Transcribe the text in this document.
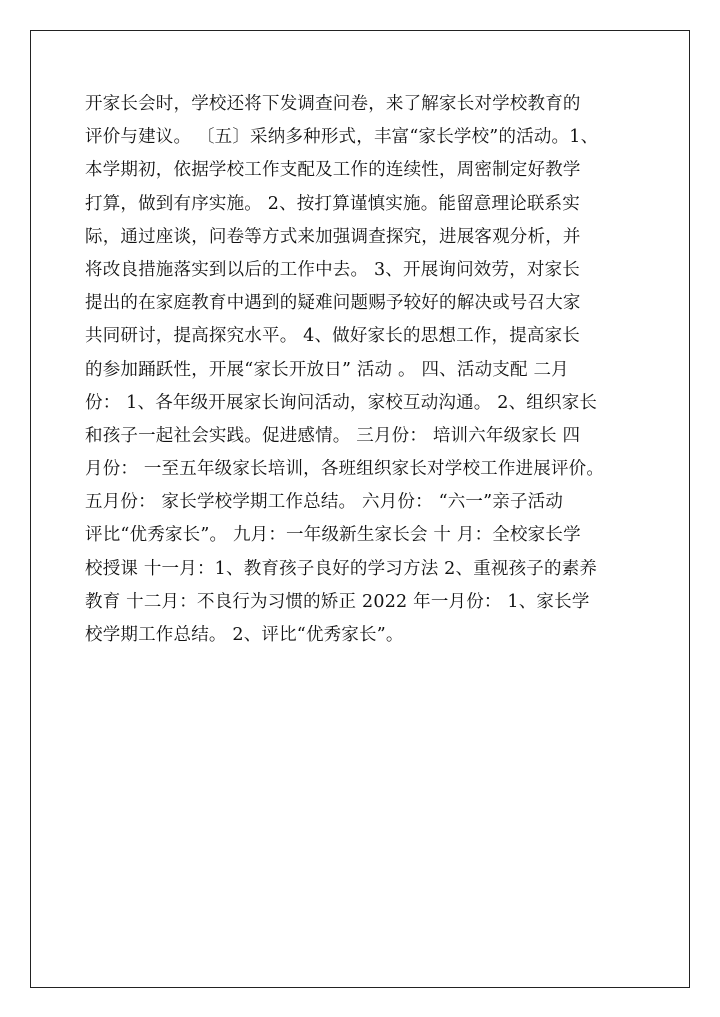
开家长会时，学校还将下发调查问卷，来了解家长对学校教育的
评价与建议。 〔五〕采纳多种形式，丰富“家长学校”的活动。1、
本学期初，依据学校工作支配及工作的连续性，周密制定好教学
打算，做到有序实施。 2、按打算谨慎实施。能留意理论联系实
际，通过座谈，问卷等方式来加强调查探究，进展客观分析，并
将改良措施落实到以后的工作中去。 3、开展询问效劳，对家长
提出的在家庭教育中遇到的疑难问题赐予较好的解决或号召大家
共同研讨，提高探究水平。 4、做好家长的思想工作，提高家长
的参加踊跃性，开展“家长开放日” 活动 。 四、活动支配 二月
份： 1、各年级开展家长询问活动，家校互动沟通。 2、组织家长
和孩子一起社会实践。促进感情。 三月份： 培训六年级家长 四
月份： 一至五年级家长培训，各班组织家长对学校工作进展评价。
五月份： 家长学校学期工作总结。 六月份： “六一”亲子活动
评比“优秀家长”。 九月：一年级新生家长会 十 月：全校家长学
校授课 十一月：1、教育孩子良好的学习方法 2、重视孩子的素养
教育 十二月：不良行为习惯的矫正 2022 年一月份： 1、家长学
校学期工作总结。 2、评比“优秀家长”。
